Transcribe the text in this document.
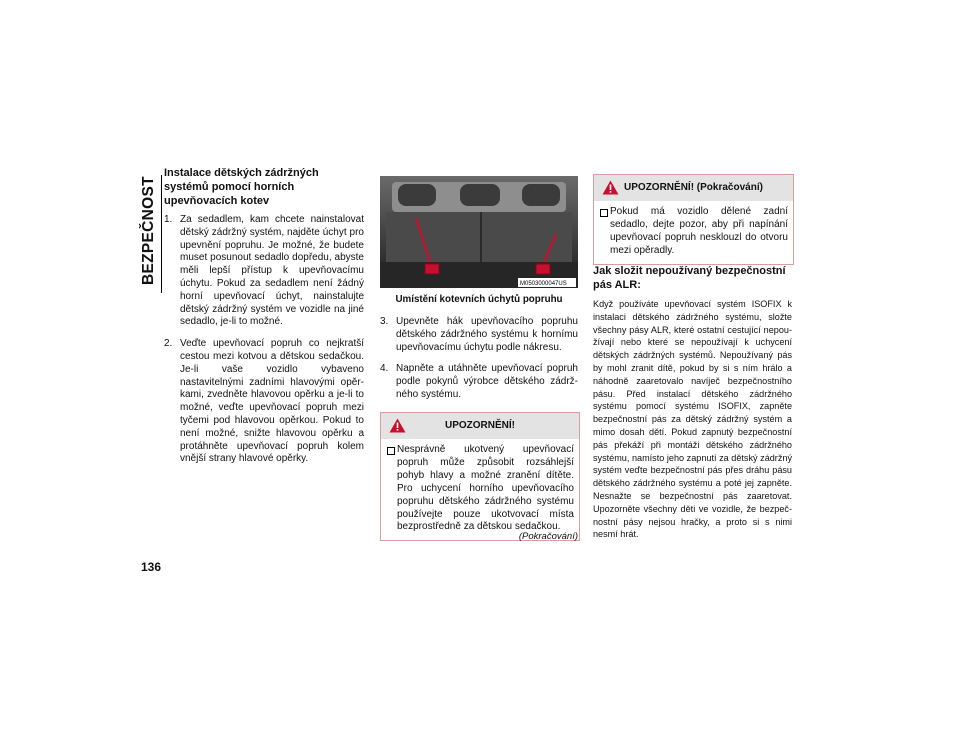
BEZPEČNOST
136
Instalace dětských zádržných systémů pomocí horních upevňovacích kotev
1. Za sedadlem, kam chcete nainstalovat dětský zádržný systém, najděte úchyt pro upevnění popruhu. Je možné, že budete muset posunout sedadlo dopředu, abyste měli lepší přístup k upevňovacímu úchytu. Pokud za sedadlem není žádný horní upevňovací úchyt, nainstalujte dětský zádržný systém ve vozidle na jiné sedadlo, je-li to možné.
2. Veďte upevňovací popruh co nejkratší cestou mezi kotvou a dětskou sedačkou. Je-li vaše vozidlo vybaveno nastavitelnými zadními hlavovými opěr-kami, zvedněte hlavovou opěrku a je-li to možné, veďte upevňovací popruh mezi tyčemi pod hlavovou opěrkou. Pokud to není možné, snižte hlavovou opěrku a protáhněte upevňovací popruh kolem vnější strany hlavové opěrky.
M0503000047US
Umístění kotevních úchytů popruhu
3. Upevněte hák upevňovacího popruhu dětského zádržného systému k hornímu upevňovacímu úchytu podle nákresu.
4. Napněte a utáhněte upevňovací popruh podle pokynů výrobce dětského zádrž-ného systému.
UPOZORNĚNÍ!
Nesprávně ukotvený upevňovací popruh může způsobit rozsáhlejší pohyb hlavy a možné zranění dítěte. Pro uchycení horního upevňovacího popruhu dětského zádržného systému používejte pouze ukotvovací místa bezprostředně za dětskou sedačkou.
(Pokračování)
UPOZORNĚNÍ! (Pokračování)
Pokud má vozidlo dělené zadní sedadlo, dejte pozor, aby při napínání upevňovací popruh nesklouzl do otvoru mezi opěradly.
Jak složit nepoužívaný bezpečnostní pás ALR:

Když používáte upevňovací systém ISOFIX k instalaci dětského zádržného systému, složte všechny pásy ALR, které ostatní cestující nepou-žívají nebo které se nepoužívají k uchycení dětských zádržných systémů. Nepoužívaný pás by mohl zranit dítě, pokud by si s ním hrálo a náhodně zaaretovalo navíječ bezpečnostního pásu. Před instalací dětského zádržného systému pomocí systému ISOFIX, zapněte bezpečnostní pás za dětský zádržný systém a mimo dosah dětí. Pokud zapnutý bezpečnostní pás překáží při montáži dětského zádržného systému, namísto jeho zapnutí za dětský zádržný systém veďte bezpečnostní pás přes dráhu pásu dětského zádržného systému a poté jej zapněte. Nesnažte se bezpečnostní pás zaaretovat. Upozorněte všechny děti ve vozidle, že bezpeč-nostní pásy nejsou hračky, a proto si s nimi nesmí hrát.
